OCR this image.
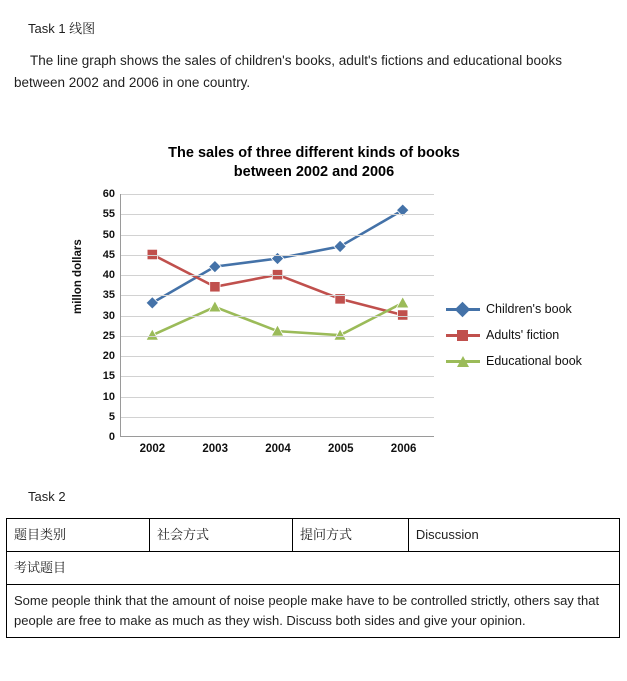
Task 1 线图
The line graph shows the sales of children's books, adult's fictions and educational books
between 2002 and 2006 in one country.
The sales of three different kinds of books
between 2002 and 2006
millon dollars
0
5
10
15
20
25
30
35
40
45
50
55
60
2002	2003	2004	2005	2006
Children's book
Adults' fiction
Educational book
Task 2
题目类别	社会方式	提问方式	Discussion
考试题目
Some people think that the amount of noise people make have to be controlled strictly, others say that people are free to make as much as they wish. Discuss both sides and give your opinion.
